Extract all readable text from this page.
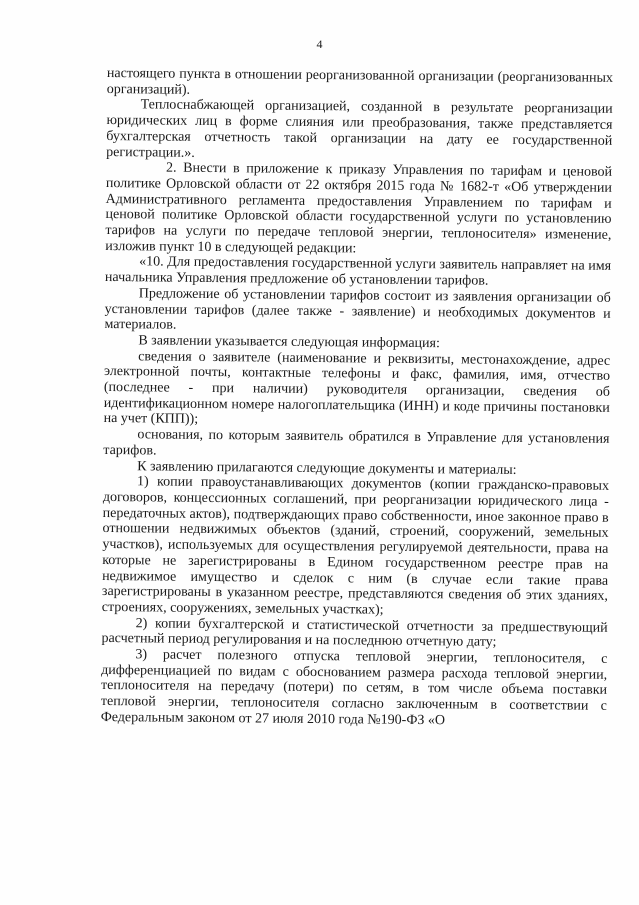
4

настоящего пункта в отношении реорганизованной организации (реорганизованных организаций).

Теплоснабжающей организацией, созданной в результате реорганизации юридических лиц в форме слияния или преобразования, также представляется бухгалтерская отчетность такой организации на дату ее государственной регистрации.».

2. Внести в приложение к приказу Управления по тарифам и ценовой политике Орловской области от 22 октября 2015 года № 1682-т «Об утверждении Административного регламента предоставления Управлением по тарифам и ценовой политике Орловской области государственной услуги по установлению тарифов на услуги по передаче тепловой энергии, теплоносителя» изменение, изложив пункт 10 в следующей редакции:

«10. Для предоставления государственной услуги заявитель направляет на имя начальника Управления предложение об установлении тарифов.

Предложение об установлении тарифов состоит из заявления организации об установлении тарифов (далее также - заявление) и необходимых документов и материалов.

В заявлении указывается следующая информация:

сведения о заявителе (наименование и реквизиты, местонахождение, адрес электронной почты, контактные телефоны и факс, фамилия, имя, отчество (последнее - при наличии) руководителя организации, сведения об идентификационном номере налогоплательщика (ИНН) и коде причины постановки на учет (КПП));

основания, по которым заявитель обратился в Управление для установления тарифов.

К заявлению прилагаются следующие документы и материалы:

1) копии правоустанавливающих документов (копии гражданско-правовых договоров, концессионных соглашений, при реорганизации юридического лица - передаточных актов), подтверждающих право собственности, иное законное право в отношении недвижимых объектов (зданий, строений, сооружений, земельных участков), используемых для осуществления регулируемой деятельности, права на которые не зарегистрированы в Едином государственном реестре прав на недвижимое имущество и сделок с ним (в случае если такие права зарегистрированы в указанном реестре, представляются сведения об этих зданиях, строениях, сооружениях, земельных участках);

2) копии бухгалтерской и статистической отчетности за предшествующий расчетный период регулирования и на последнюю отчетную дату;

3) расчет полезного отпуска тепловой энергии, теплоносителя, с дифференциацией по видам с обоснованием размера расхода тепловой энергии, теплоносителя на передачу (потери) по сетям, в том числе объема поставки тепловой энергии, теплоносителя согласно заключенным в соответствии с Федеральным законом от 27 июля 2010 года №190-ФЗ «О
